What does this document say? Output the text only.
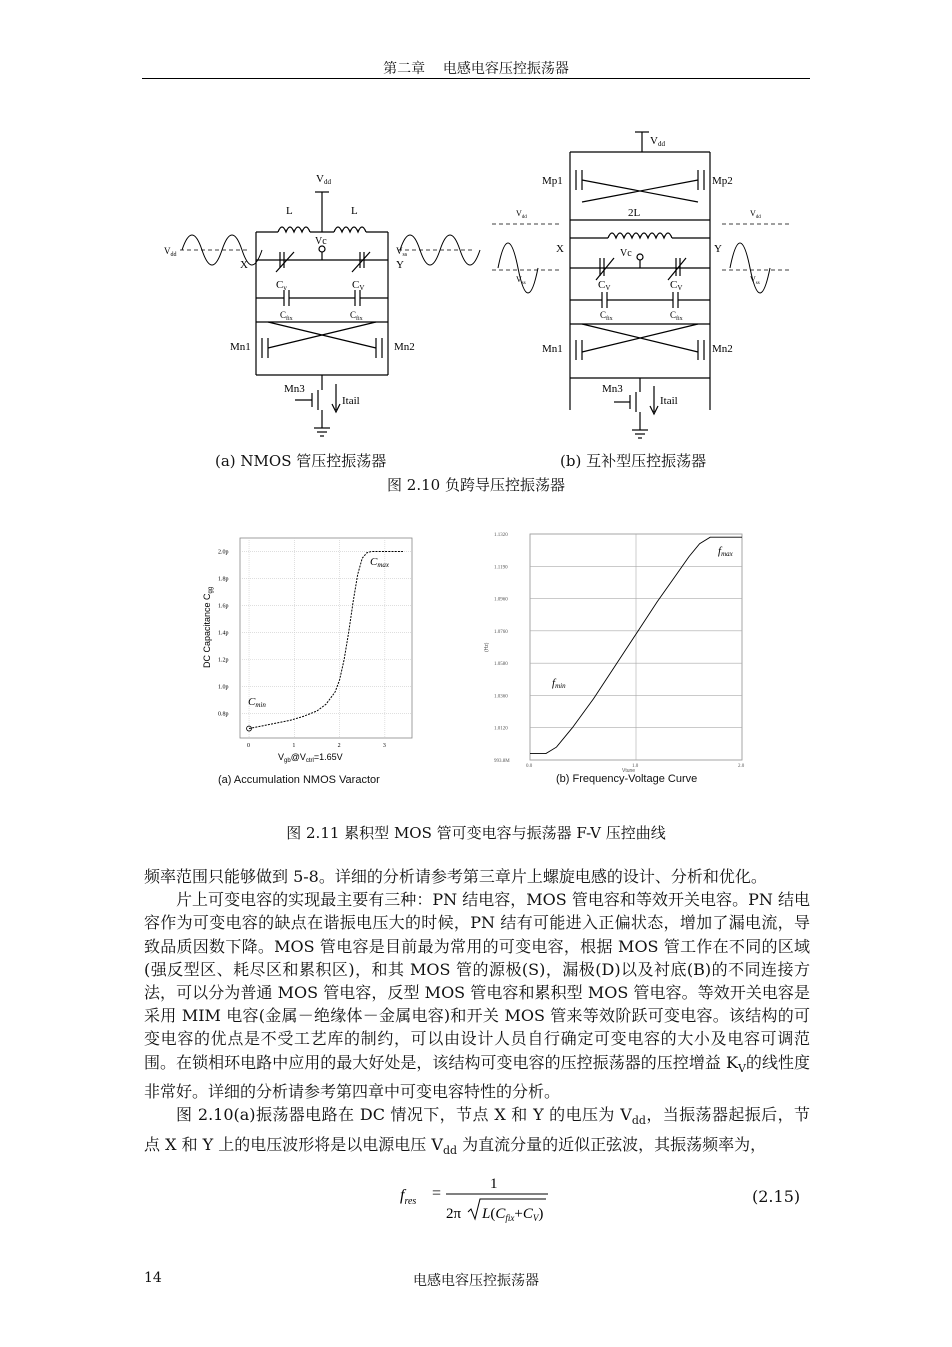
第二章 电感电容压控振荡器
Vdd
L	L
Vc
X	Y
Cv	CV
$C_{fix}$	$C_{fix}$
Mn1	Mn2
Mn3
Itail
$V_{dd}$	$V_{ss}$
Vdd
Mp1	Mp2
2L
Vc
X	Y
CV	CV
$C_{fix}$	$C_{fix}$
Mn1	Mn2
Mn3
Itail
$V_{dd}$
$V_{ss}$
$V_{dd}$
$V_{ss}$
(a) NMOS 管压控振荡器	(b) 互补型压控振荡器
图 2.10 负跨导压控振荡器
2.0p
1.8p
1.6p
1.4p
1.2p
1.0p
0.8p
0	1	2	3
Cmax
Cmin
DC Capacitance $C_{gg}$
$V_{gb}@V_{ctrl}=1.65V$
1.1320
1.1190
1.0960
1.0760
1.0580
1.0360
1.0120
993.8M
0.0	1.0	2.0
fmax
fmin
(Hz)
Vtune
(a) Accumulation NMOS Varactor	(b) Frequency-Voltage Curve
图 2.11 累积型 MOS 管可变电容与振荡器 F-V 压控曲线

频率范围只能够做到 5-8。详细的分析请参考第三章片上螺旋电感的设计、分析和优化。

片上可变电容的实现最主要有三种：PN 结电容，MOS 管电容和等效开关电容。PN 结电容作为可变电容的缺点在谐振电压大的时候，PN 结有可能进入正偏状态，增加了漏电流，导致品质因数下降。MOS 管电容是目前最为常用的可变电容，根据 MOS 管工作在不同的区域(强反型区、耗尽区和累积区)，和其 MOS 管的源极(S)，漏极(D)以及衬底(B)的不同连接方法，可以分为普通 MOS 管电容，反型 MOS 管电容和累积型 MOS 管电容。等效开关电容是采用 MIM 电容(金属－绝缘体－金属电容)和开关 MOS 管来等效阶跃可变电容。该结构的可变电容的优点是不受工艺库的制约，可以由设计人员自行确定可变电容的大小及电容可调范围。在锁相环电路中应用的最大好处是，该结构可变电容的压控振荡器的压控增益 $K_V$的线性度非常好。详细的分析请参考第四章中可变电容特性的分析。

图 2.10(a)振荡器电路在 DC 情况下，节点 X 和 Y 的电压为 $V_{dd}$，当振荡器起振后，节点 X 和 Y 上的电压波形将是以电源电压 $V_{dd}$ 为直流分量的近似正弦波，其振荡频率为，

$f_{res}$ =
1
2π $L(C_{fix}+C_V)$
(2.15)
14	电感电容压控振荡器
